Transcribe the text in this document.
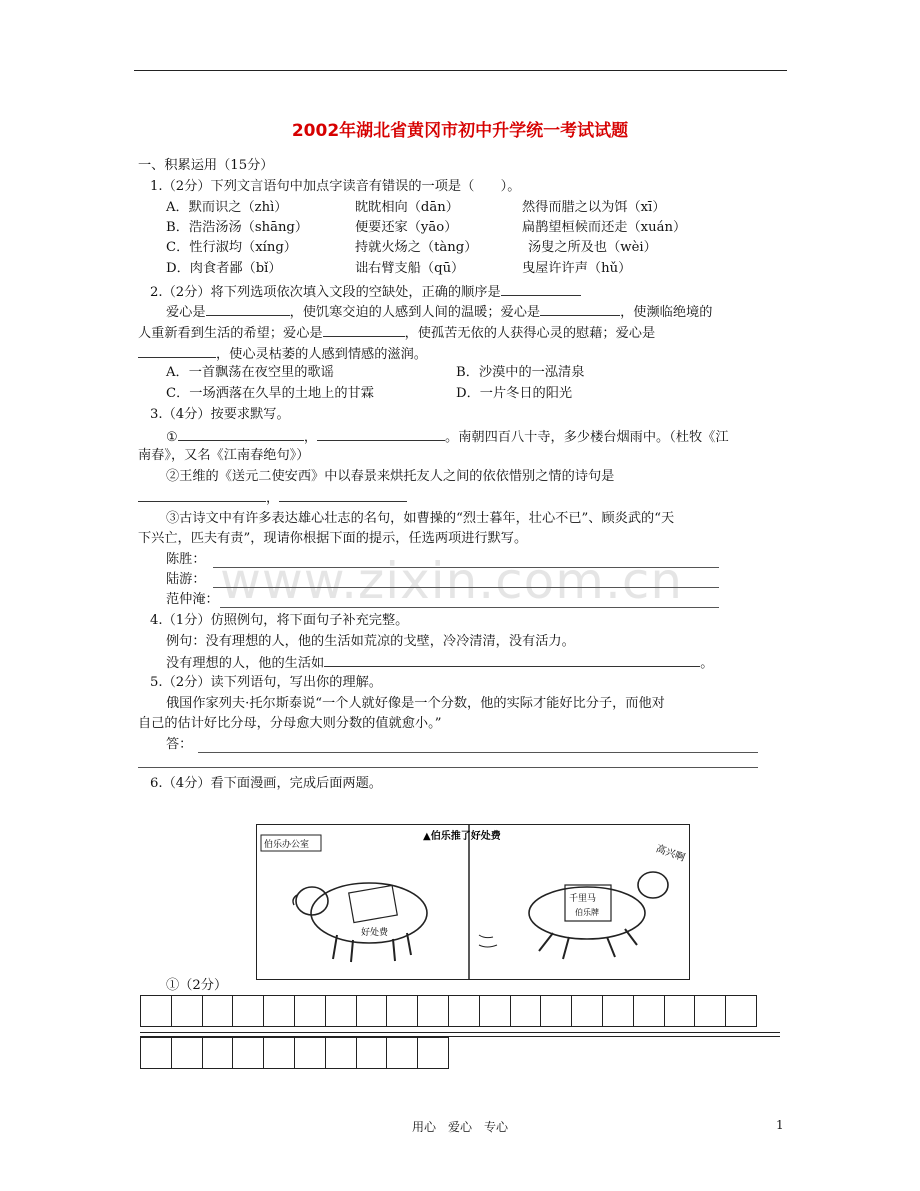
2002年湖北省黄冈市初中升学统一考试试题
www.zixin.com.cn
一、积累运用（15分）
1.（2分）下列文言语句中加点字读音有错误的一项是（　　）。
A．默而识之（zhì）	眈眈相向（dān）	然得而腊之以为饵（xī）
B．浩浩汤汤（shāng）	便要还家（yāo）	扁鹊望桓候而还走（xuán）
C．性行淑均（xíng）	持就火炀之（tàng）	汤叟之所及也（wèi）
D．肉食者鄙（bǐ）	诎右臂支船（qū）	曳屋许许声（hǔ）
2.（2分）将下列选项依次填入文段的空缺处，正确的顺序是
爱心是	，使饥寒交迫的人感到人间的温暖；爱心是	，使濒临绝境的
人重新看到生活的希望；爱心是	，使孤苦无依的人获得心灵的慰藉；爱心是
，使心灵枯萎的人感到情感的滋润。
A．一首飘荡在夜空里的歌谣	B．沙漠中的一泓清泉
C．一场洒落在久旱的土地上的甘霖	D．一片冬日的阳光
3.（4分）按要求默写。
①	，	。南朝四百八十寺，多少楼台烟雨中。（杜牧《江
南春》，又名《江南春绝句》）
②王维的《送元二使安西》中以春景来烘托友人之间的依依惜别之情的诗句是
，
③古诗文中有许多表达雄心壮志的名句，如曹操的“烈士暮年，壮心不已”、顾炎武的“天
下兴亡，匹夫有责”，现请你根据下面的提示，任选两项进行默写。
陈胜：
陆游：
范仲淹：
4.（1分）仿照例句，将下面句子补充完整。
例句：没有理想的人，他的生活如荒凉的戈壁，冷冷清清，没有活力。
没有理想的人，他的生活如	。
5.（2分）读下列语句，写出你的理解。
俄国作家列夫·托尔斯泰说“一个人就好像是一个分数，他的实际才能好比分子，而他对
自己的估计好比分母，分母愈大则分数的值就愈小。”
答：
6.（4分）看下面漫画，完成后面两题。
伯乐办公室
▲伯乐推了好处费
好处费
千里马
伯乐牌
高兴啊
①（2分）
用心　爱心　专心	1
